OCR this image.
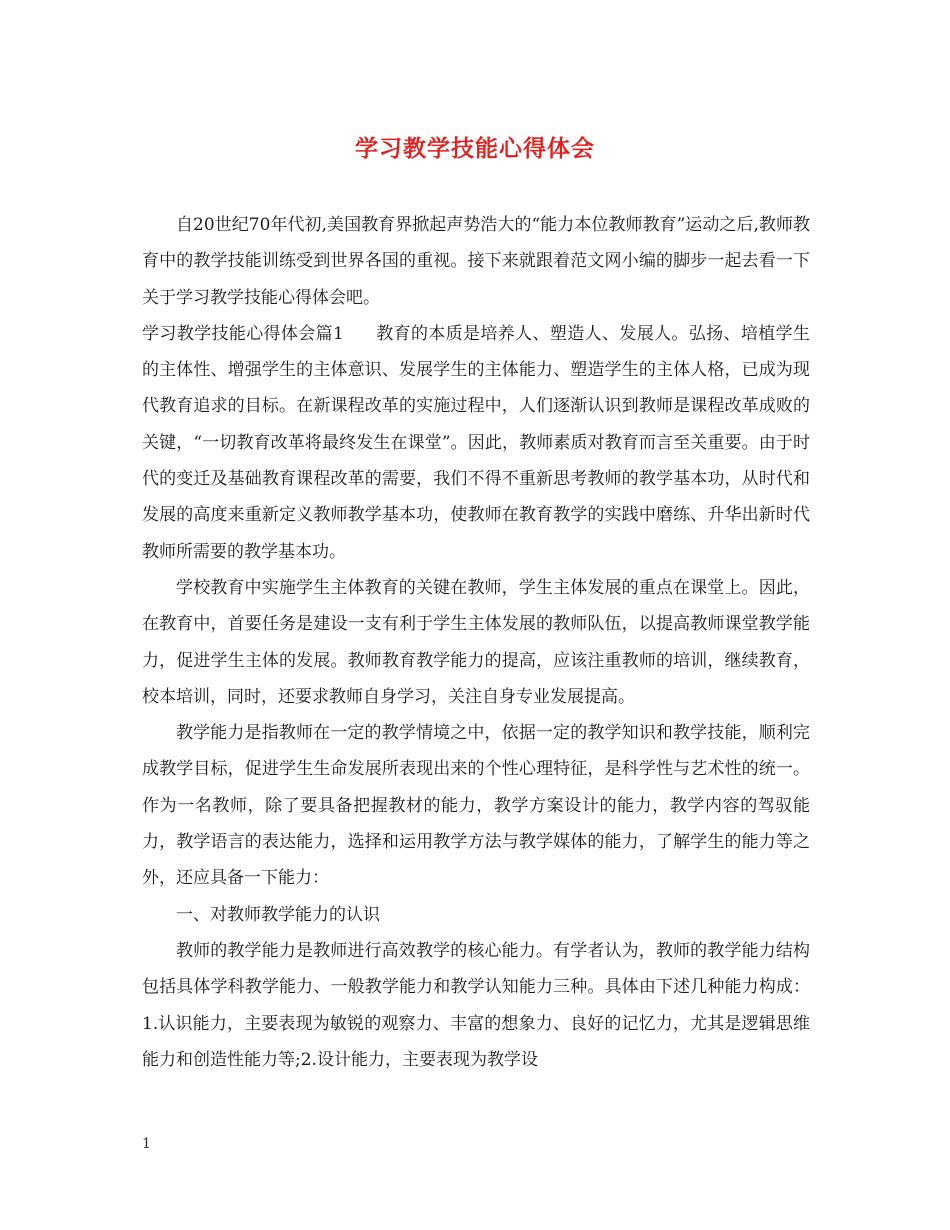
学习教学技能心得体会

自20世纪70年代初,美国教育界掀起声势浩大的“能力本位教师教育”运动之后,教师教育中的教学技能训练受到世界各国的重视。接下来就跟着范文网小编的脚步一起去看一下关于学习教学技能心得体会吧。

学习教学技能心得体会篇1 教育的本质是培养人、塑造人、发展人。弘扬、培植学生的主体性、增强学生的主体意识、发展学生的主体能力、塑造学生的主体人格，已成为现代教育追求的目标。在新课程改革的实施过程中，人们逐渐认识到教师是课程改革成败的关键，“一切教育改革将最终发生在课堂”。因此，教师素质对教育而言至关重要。由于时代的变迁及基础教育课程改革的需要，我们不得不重新思考教师的教学基本功，从时代和发展的高度来重新定义教师教学基本功，使教师在教育教学的实践中磨练、升华出新时代教师所需要的教学基本功。

学校教育中实施学生主体教育的关键在教师，学生主体发展的重点在课堂上。因此，在教育中，首要任务是建设一支有利于学生主体发展的教师队伍，以提高教师课堂教学能力，促进学生主体的发展。教师教育教学能力的提高，应该注重教师的培训，继续教育，校本培训，同时，还要求教师自身学习，关注自身专业发展提高。

教学能力是指教师在一定的教学情境之中，依据一定的教学知识和教学技能，顺利完成教学目标，促进学生生命发展所表现出来的个性心理特征，是科学性与艺术性的统一。作为一名教师，除了要具备把握教材的能力，教学方案设计的能力，教学内容的驾驭能力，教学语言的表达能力，选择和运用教学方法与教学媒体的能力，了解学生的能力等之外，还应具备一下能力：

一、对教师教学能力的认识

教师的教学能力是教师进行高效教学的核心能力。有学者认为，教师的教学能力结构包括具体学科教学能力、一般教学能力和教学认知能力三种。具体由下述几种能力构成：1.认识能力，主要表现为敏锐的观察力、丰富的想象力、良好的记忆力，尤其是逻辑思维能力和创造性能力等;2.设计能力，主要表现为教学设

1
